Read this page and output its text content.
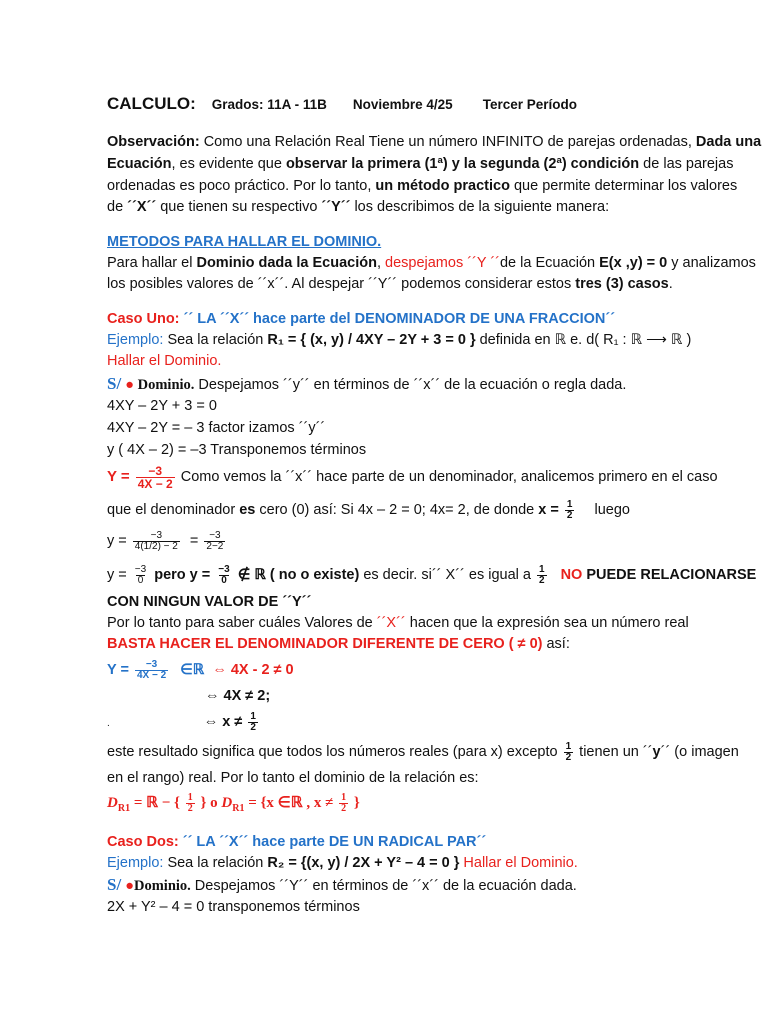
CALCULO: Grados: 11A - 11B Noviembre 4/25 Tercer Período
Observación: Como una Relación Real Tiene un número INFINITO de parejas ordenadas, Dada una
Ecuación, es evidente que observar la primera (1ª) y la segunda (2ª) condición de las parejas
ordenadas es poco práctico. Por lo tanto, un método practico que permite determinar los valores
de ´´X´´ que tienen su respectivo ´´Y´´ los describimos de la siguiente manera:
METODOS PARA HALLAR EL DOMINIO.
Para hallar el Dominio dada la Ecuación, despejamos ´´Y ´´de la Ecuación E(x ,y) = 0 y analizamos
los posibles valores de ´´x´´. Al despejar ´´Y´´ podemos considerar estos tres (3) casos.
Caso Uno: ´´ LA ´´X´´ hace parte del DENOMINADOR DE UNA FRACCION´´
Ejemplo: Sea la relación R₁ = { (x, y) / 4XY – 2Y + 3 = 0 } definida en ℝ e. d( R₁ : ℝ ⟶ ℝ )
Hallar el Dominio.
S/ ● Dominio. Despejamos ´´y´´ en términos de ´´x´´ de la ecuación o regla dada.
4XY – 2Y + 3 = 0
4XY – 2Y = – 3 factor izamos ´´y´´
y ( 4X – 2) = –3 Transponemos términos
$Y = \frac{-3}{4X - 2}$ Como vemos la ´´x´´ hace parte de un denominador, analicemos primero en el caso
que el denominador es cero (0) así: Si 4x – 2 = 0; 4x= 2, de donde $x = \frac{1}{2}$ luego
$y = \frac{-3}{4(1/2) - 2} = \frac{-3}{2-2}$
$y = \frac{-3}{0}$ pero $y = \frac{-3}{0}$ ∉ ℝ ( no o existe) es decir. si´´ X´´ es igual a $\frac{1}{2}$ NO PUEDE RELACIONARSE
CON NINGUN VALOR DE ´´Y´´
Por lo tanto para saber cuáles Valores de ´´X´´ hacen que la expresión sea un número real
BASTA HACER EL DENOMINADOR DIFERENTE DE CERO ( ≠ 0) así:
$Y = \frac{-3}{4X - 2}$ ∈ℝ ⇔ 4X - 2 ≠ 0
⇔ 4X ≠ 2;
.	⇔ $x \ne \frac{1}{2}$
este resultado significa que todos los números reales (para x) excepto $\frac{1}{2}$ tienen un ´´y´´ (o imagen
en el rango) real. Por lo tanto el dominio de la relación es:
$D_{R1}$ = ℝ − { $\frac{1}{2}$ } o $D_{R1} = \{x$ ∈ℝ , $x \ne \frac{1}{2}$ }
Caso Dos: ´´ LA ´´X´´ hace parte DE UN RADICAL PAR´´
Ejemplo: Sea la relación R₂ = {(x, y) / 2X + Y² – 4 = 0 } Hallar el Dominio.
S/ ●Dominio. Despejamos ´´Y´´ en términos de ´´x´´ de la ecuación dada.
2X + Y² – 4 = 0 transponemos términos
